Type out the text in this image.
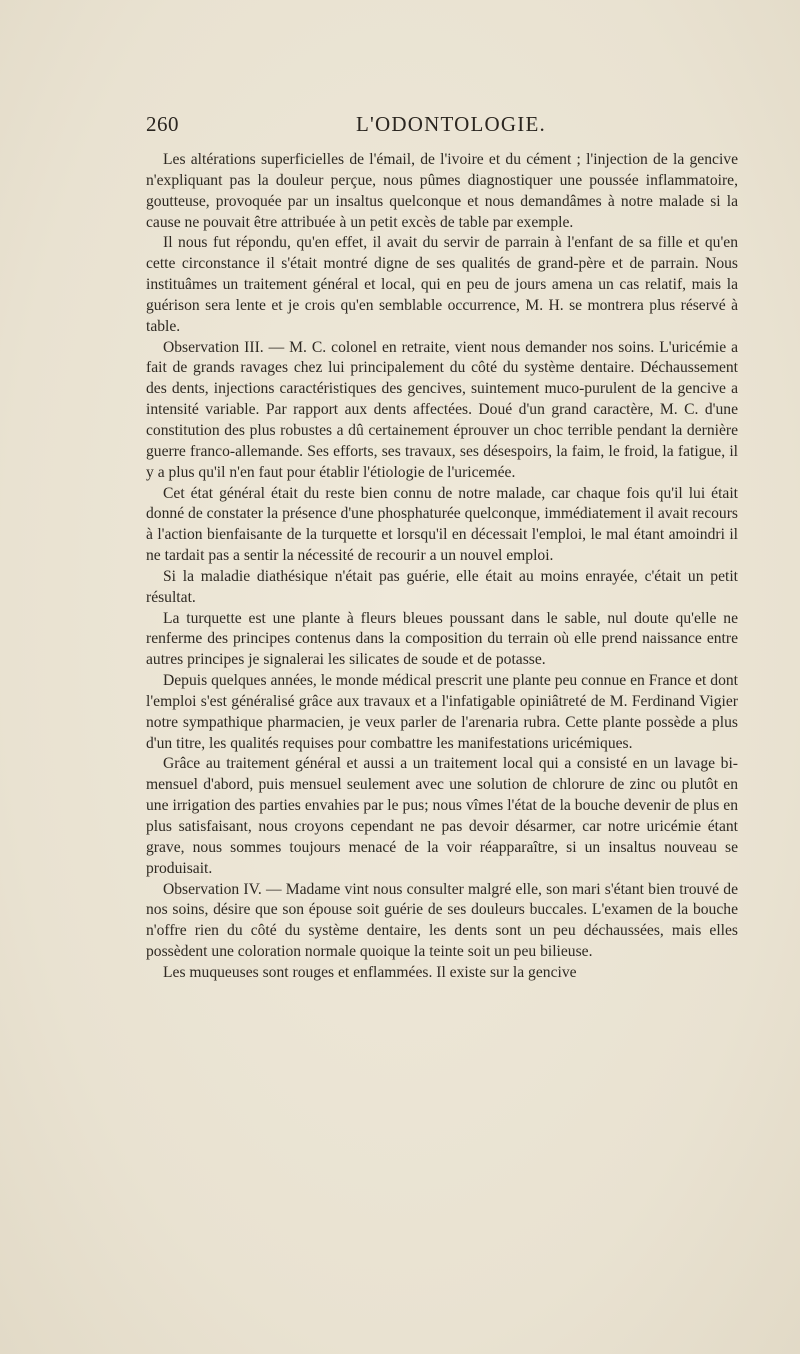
260	L'ODONTOLOGIE.

Les altérations superficielles de l'émail, de l'ivoire et du cément ; l'injection de la gencive n'expliquant pas la douleur perçue, nous pûmes diagnostiquer une poussée inflammatoire, goutteuse, provoquée par un insaltus quelconque et nous demandâmes à notre malade si la cause ne pouvait être attribuée à un petit excès de table par exemple.

Il nous fut répondu, qu'en effet, il avait du servir de parrain à l'enfant de sa fille et qu'en cette circonstance il s'était montré digne de ses qualités de grand-père et de parrain. Nous instituâmes un traitement général et local, qui en peu de jours amena un cas relatif, mais la guérison sera lente et je crois qu'en semblable occurrence, M. H. se montrera plus réservé à table.

Observation III. — M. C. colonel en retraite, vient nous demander nos soins. L'uricémie a fait de grands ravages chez lui principalement du côté du système dentaire. Déchaussement des dents, injections caractéristiques des gencives, suintement muco-purulent de la gencive a intensité variable. Par rapport aux dents affectées. Doué d'un grand caractère, M. C. d'une constitution des plus robustes a dû certainement éprouver un choc terrible pendant la dernière guerre franco-allemande. Ses efforts, ses travaux, ses désespoirs, la faim, le froid, la fatigue, il y a plus qu'il n'en faut pour établir l'étiologie de l'uricemée.

Cet état général était du reste bien connu de notre malade, car chaque fois qu'il lui était donné de constater la présence d'une phosphaturée quelconque, immédiatement il avait recours à l'action bienfaisante de la turquette et lorsqu'il en décessait l'emploi, le mal étant amoindri il ne tardait pas a sentir la nécessité de recourir a un nouvel emploi.

Si la maladie diathésique n'était pas guérie, elle était au moins enrayée, c'était un petit résultat.

La turquette est une plante à fleurs bleues poussant dans le sable, nul doute qu'elle ne renferme des principes contenus dans la composition du terrain où elle prend naissance entre autres principes je signalerai les silicates de soude et de potasse.

Depuis quelques années, le monde médical prescrit une plante peu connue en France et dont l'emploi s'est généralisé grâce aux travaux et a l'infatigable opiniâtreté de M. Ferdinand Vigier notre sympathique pharmacien, je veux parler de l'arenaria rubra. Cette plante possède a plus d'un titre, les qualités requises pour combattre les manifestations uricémiques.

Grâce au traitement général et aussi a un traitement local qui a consisté en un lavage bi-mensuel d'abord, puis mensuel seulement avec une solution de chlorure de zinc ou plutôt en une irrigation des parties envahies par le pus; nous vîmes l'état de la bouche devenir de plus en plus satisfaisant, nous croyons cependant ne pas devoir désarmer, car notre uricémie étant grave, nous sommes toujours menacé de la voir réapparaître, si un insaltus nouveau se produisait.

Observation IV. — Madame vint nous consulter malgré elle, son mari s'étant bien trouvé de nos soins, désire que son épouse soit guérie de ses douleurs buccales. L'examen de la bouche n'offre rien du côté du système dentaire, les dents sont un peu déchaussées, mais elles possèdent une coloration normale quoique la teinte soit un peu bilieuse.

Les muqueuses sont rouges et enflammées. Il existe sur la gencive
